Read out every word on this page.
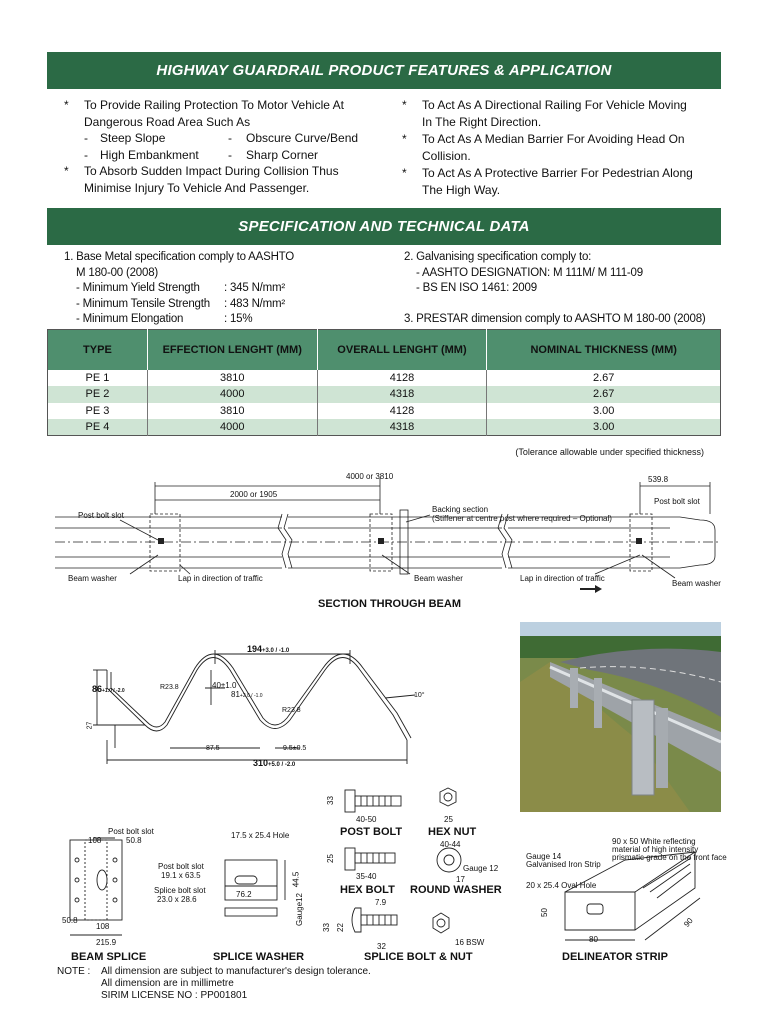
HIGHWAY GUARDRAIL PRODUCT FEATURES & APPLICATION
*	To Provide Railing Protection To Motor Vehicle At
Dangerous Road Area Such As
-	Steep Slope	-	Obscure Curve/Bend
-	High Embankment	-	Sharp Corner
*	To Absorb Sudden Impact During Collision Thus
Minimise Injury To Vehicle And Passenger.
*	To Act As A Directional Railing For Vehicle Moving
In The Right Direction.
*	To Act As A Median Barrier For Avoiding Head On
Collision.
*	To Act As A Protective Barrier For Pedestrian Along
The High Way.
SPECIFICATION AND TECHNICAL DATA
1. Base Metal specification comply to AASHTO
M 180-00 (2008)
- Minimum Yield Strength	: 345 N/mm²
- Minimum Tensile Strength	: 483 N/mm²
- Minimum Elongation	: 15%
2. Galvanising specification comply to:
- AASHTO DESIGNATION: M 111M/ M 111-09
- BS EN ISO 1461: 2009
3. PRESTAR dimension comply to AASHTO M 180-00 (2008)
TYPE	EFFECTION LENGHT (MM)	OVERALL LENGHT (MM)	NOMINAL THICKNESS (MM)
PE 1	3810	4128	2.67
PE 2	4000	4318	2.67
PE 3	3810	4128	3.00
PE 4	4000	4318	3.00
(Tolerance allowable under specified thickness)
4000 or 3810
2000 or 1905
539.8
Post bolt slot
Post bolt slot
Backing section
(Stiffener at centre post where required – Optional)
Beam washer	Lap in direction of traffic	Beam washer	Lap in direction of traffic
Beam washer
SECTION THROUGH BEAM
194+3.0 / -1.0
86+1.0 / -2.0	R23.8	40±1.0
81+2.0 / -1.0
R23.8
27
10°
87.5	9.5±0.5
310+5.0 / -2.0
POST BOLT HEX NUT
HEX BOLT ROUND WASHER
BEAM SPLICE	SPLICE WASHER	SPLICE BOLT & NUT	DELINEATOR STRIP
33
40-50	25
25
35-40
40-44
Gauge 12
17
7.9
33 22
32	16 BSW
Post bolt slot
108	50.8
Post bolt slot
19.1 x 63.5
Splice bolt slot
23.0 x 28.6
50.8
108
215.9
17.5 x 25.4 Hole
76.2
44.5
Gauge12
Gauge 14
Galvanised Iron Strip
20 x 25.4 Oval Hole
90 x 50 White reflecting
material of high intensity
prismatic grade on the front face
50
80
90
NOTE :	All dimension are subject to manufacturer's design tolerance.
All dimension are in millimetre
SIRIM LICENSE NO : PP001801
